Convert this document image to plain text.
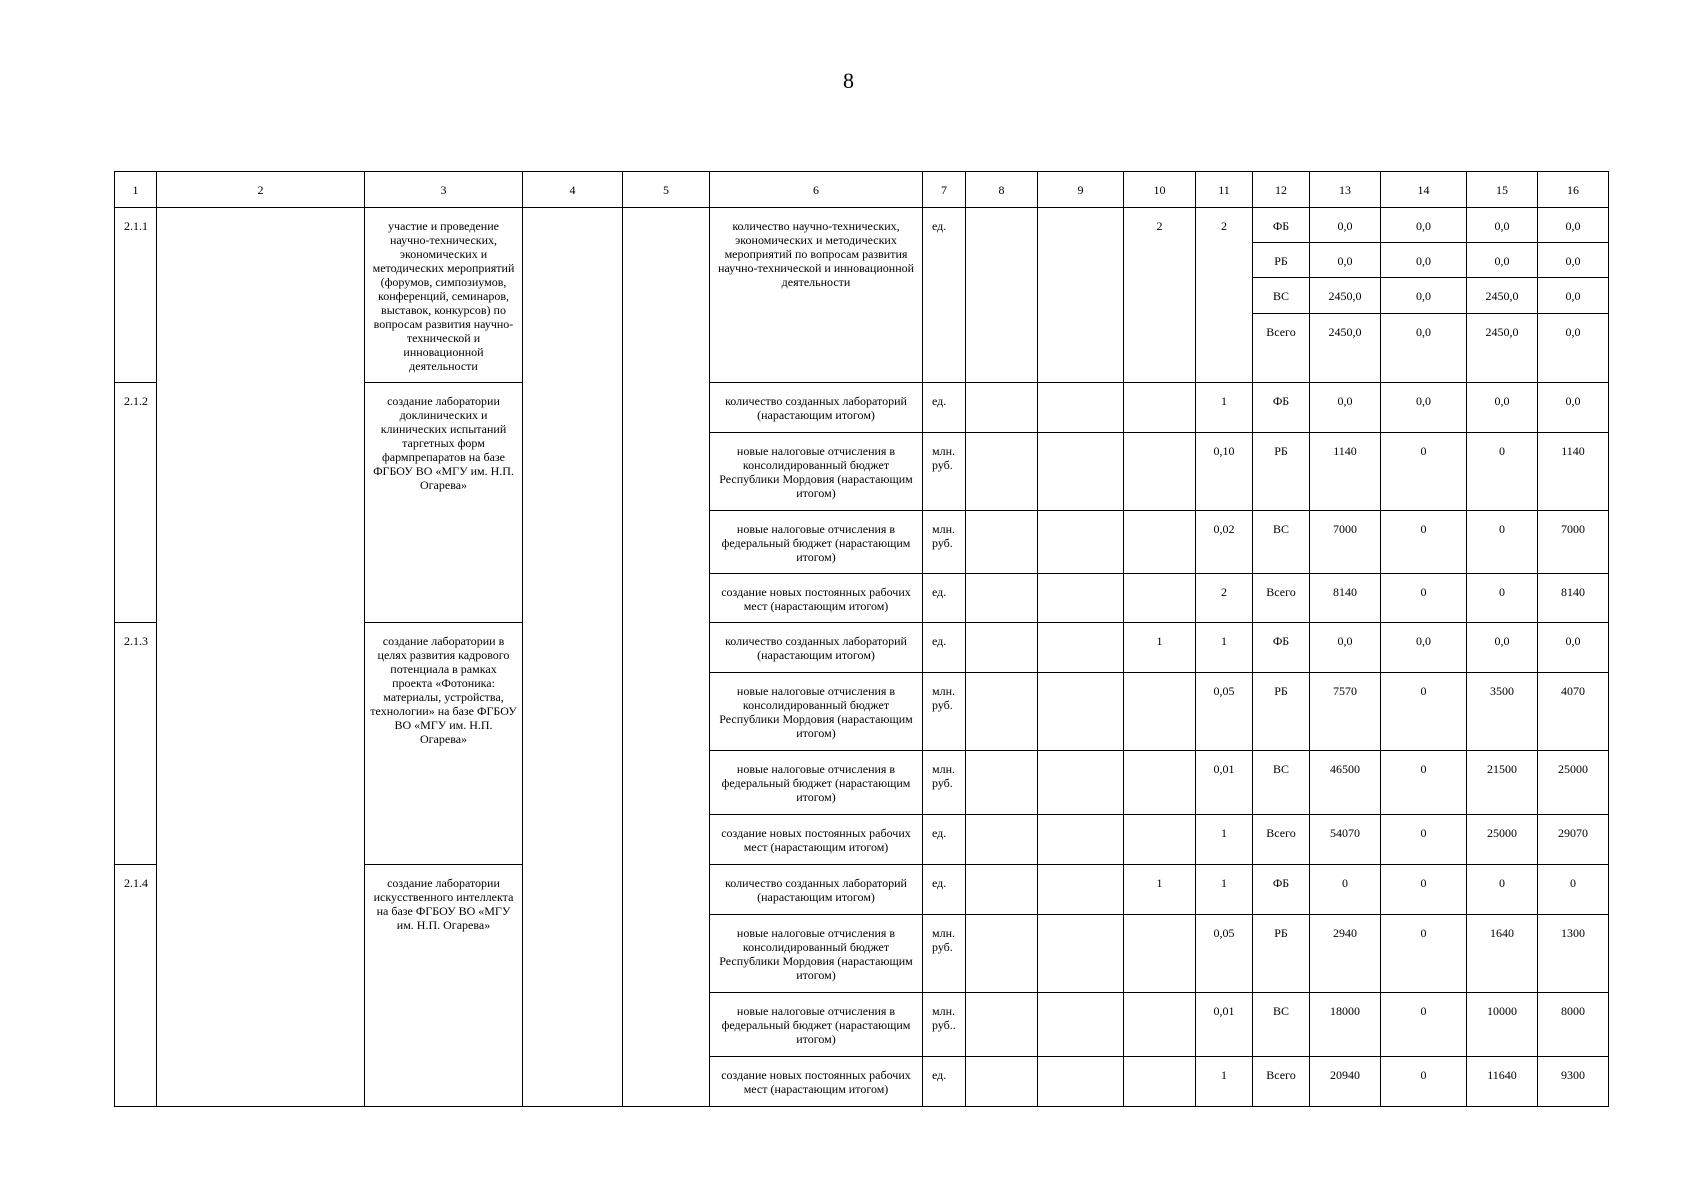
8
1	2	3	4	5	6	7	8	9	10	11	12	13	14	15	16
2.1.1		участие и проведение научно-технических, экономических и методических мероприятий (форумов, симпозиумов, конференций, семинаров, выставок, конкурсов) по вопросам развития научно-технической и инновационной деятельности			количество научно-технических, экономических и методических мероприятий по вопросам развития научно-технической и инновационной деятельности	ед.			2	2	ФБ	0,0	0,0	0,0	0,0
											РБ	0,0	0,0	0,0	0,0
											ВС	2450,0	0,0	2450,0	0,0
											Всего	2450,0	0,0	2450,0	0,0
2.1.2		создание лаборатории доклинических и клинических испытаний таргетных форм фармпрепаратов на базе ФГБОУ ВО «МГУ им. Н.П. Огарева»			количество созданных лабораторий (нарастающим итогом)	ед.				1	ФБ	0,0	0,0	0,0	0,0
					новые налоговые отчисления в консолидированный бюджет Республики Мордовия (нарастающим итогом)	млн. руб.				0,10	РБ	1140	0	0	1140
					новые налоговые отчисления в федеральный бюджет (нарастающим итогом)	млн. руб.				0,02	ВС	7000	0	0	7000
					создание новых постоянных рабочих мест (нарастающим итогом)	ед.				2	Всего	8140	0	0	8140
2.1.3		создание лаборатории в целях развития кадрового потенциала в рамках проекта «Фотоника: материалы, устройства, технологии» на базе ФГБОУ ВО «МГУ им. Н.П. Огарева»			количество созданных лабораторий (нарастающим итогом)	ед.			1	1	ФБ	0,0	0,0	0,0	0,0
					новые налоговые отчисления в консолидированный бюджет Республики Мордовия (нарастающим итогом)	млн. руб.				0,05	РБ	7570	0	3500	4070
					новые налоговые отчисления в федеральный бюджет (нарастающим итогом)	млн. руб.				0,01	ВС	46500	0	21500	25000
					создание новых постоянных рабочих мест (нарастающим итогом)	ед.				1	Всего	54070	0	25000	29070
2.1.4		создание лаборатории искусственного интеллекта на базе ФГБОУ ВО «МГУ им. Н.П. Огарева»			количество созданных лабораторий (нарастающим итогом)	ед.			1	1	ФБ	0	0	0	0
					новые налоговые отчисления в консолидированный бюджет Республики Мордовия (нарастающим итогом)	млн. руб.				0,05	РБ	2940	0	1640	1300
					новые налоговые отчисления в федеральный бюджет (нарастающим итогом)	млн. руб..				0,01	ВС	18000	0	10000	8000
					создание новых постоянных рабочих мест (нарастающим итогом)	ед.				1	Всего	20940	0	11640	9300
